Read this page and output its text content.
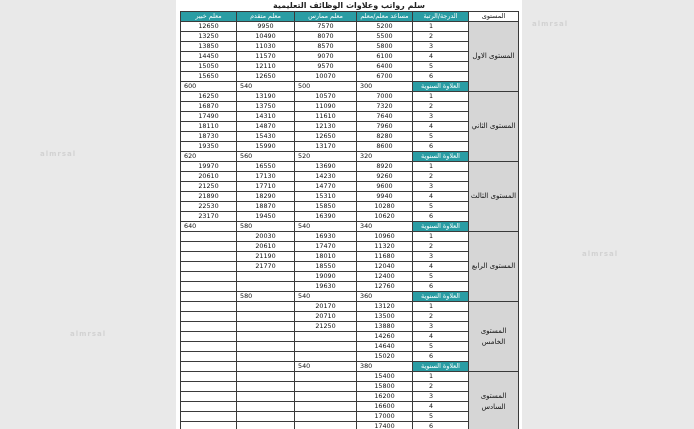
almrsal
almrsal
almrsal
almrsal
سلم رواتب وعلاوات الوظائف التعليمية
المستوى	الدرجة/الرتبة	مساعد معلم/معلم	معلم ممارس	معلم متقدم	معلم خبير
المستوى الاول	1	5200	7570	9950	12650
	2	5500	8070	10490	13250
	3	5800	8570	11030	13850
	4	6100	9070	11570	14450
	5	6400	9570	12110	15050
	6	6700	10070	12650	15650
	العلاوة السنوية	300	500	540	600
المستوى الثاني	1	7000	10570	13190	16250
	2	7320	11090	13750	16870
	3	7640	11610	14310	17490
	4	7960	12130	14870	18110
	5	8280	12650	15430	18730
	6	8600	13170	15990	19350
	العلاوة السنوية	320	520	560	620
المستوى الثالث	1	8920	13690	16550	19970
	2	9260	14230	17130	20610
	3	9600	14770	17710	21250
	4	9940	15310	18290	21890
	5	10280	15850	18870	22530
	6	10620	16390	19450	23170
	العلاوة السنوية	340	540	580	640
المستوى الرابع	1	10960	16930	20030	
	2	11320	17470	20610	
	3	11680	18010	21190	
	4	12040	18550	21770	
	5	12400	19090		
	6	12760	19630		
	العلاوة السنوية	360	540	580	
المستوى الخامس	1	13120	20170		
	2	13500	20710		
	3	13880	21250		
	4	14260			
	5	14640			
	6	15020			
	العلاوة السنوية	380	540		
المستوى السادس	1	15400			
	2	15800			
	3	16200			
	4	16600			
	5	17000			
	6	17400			
